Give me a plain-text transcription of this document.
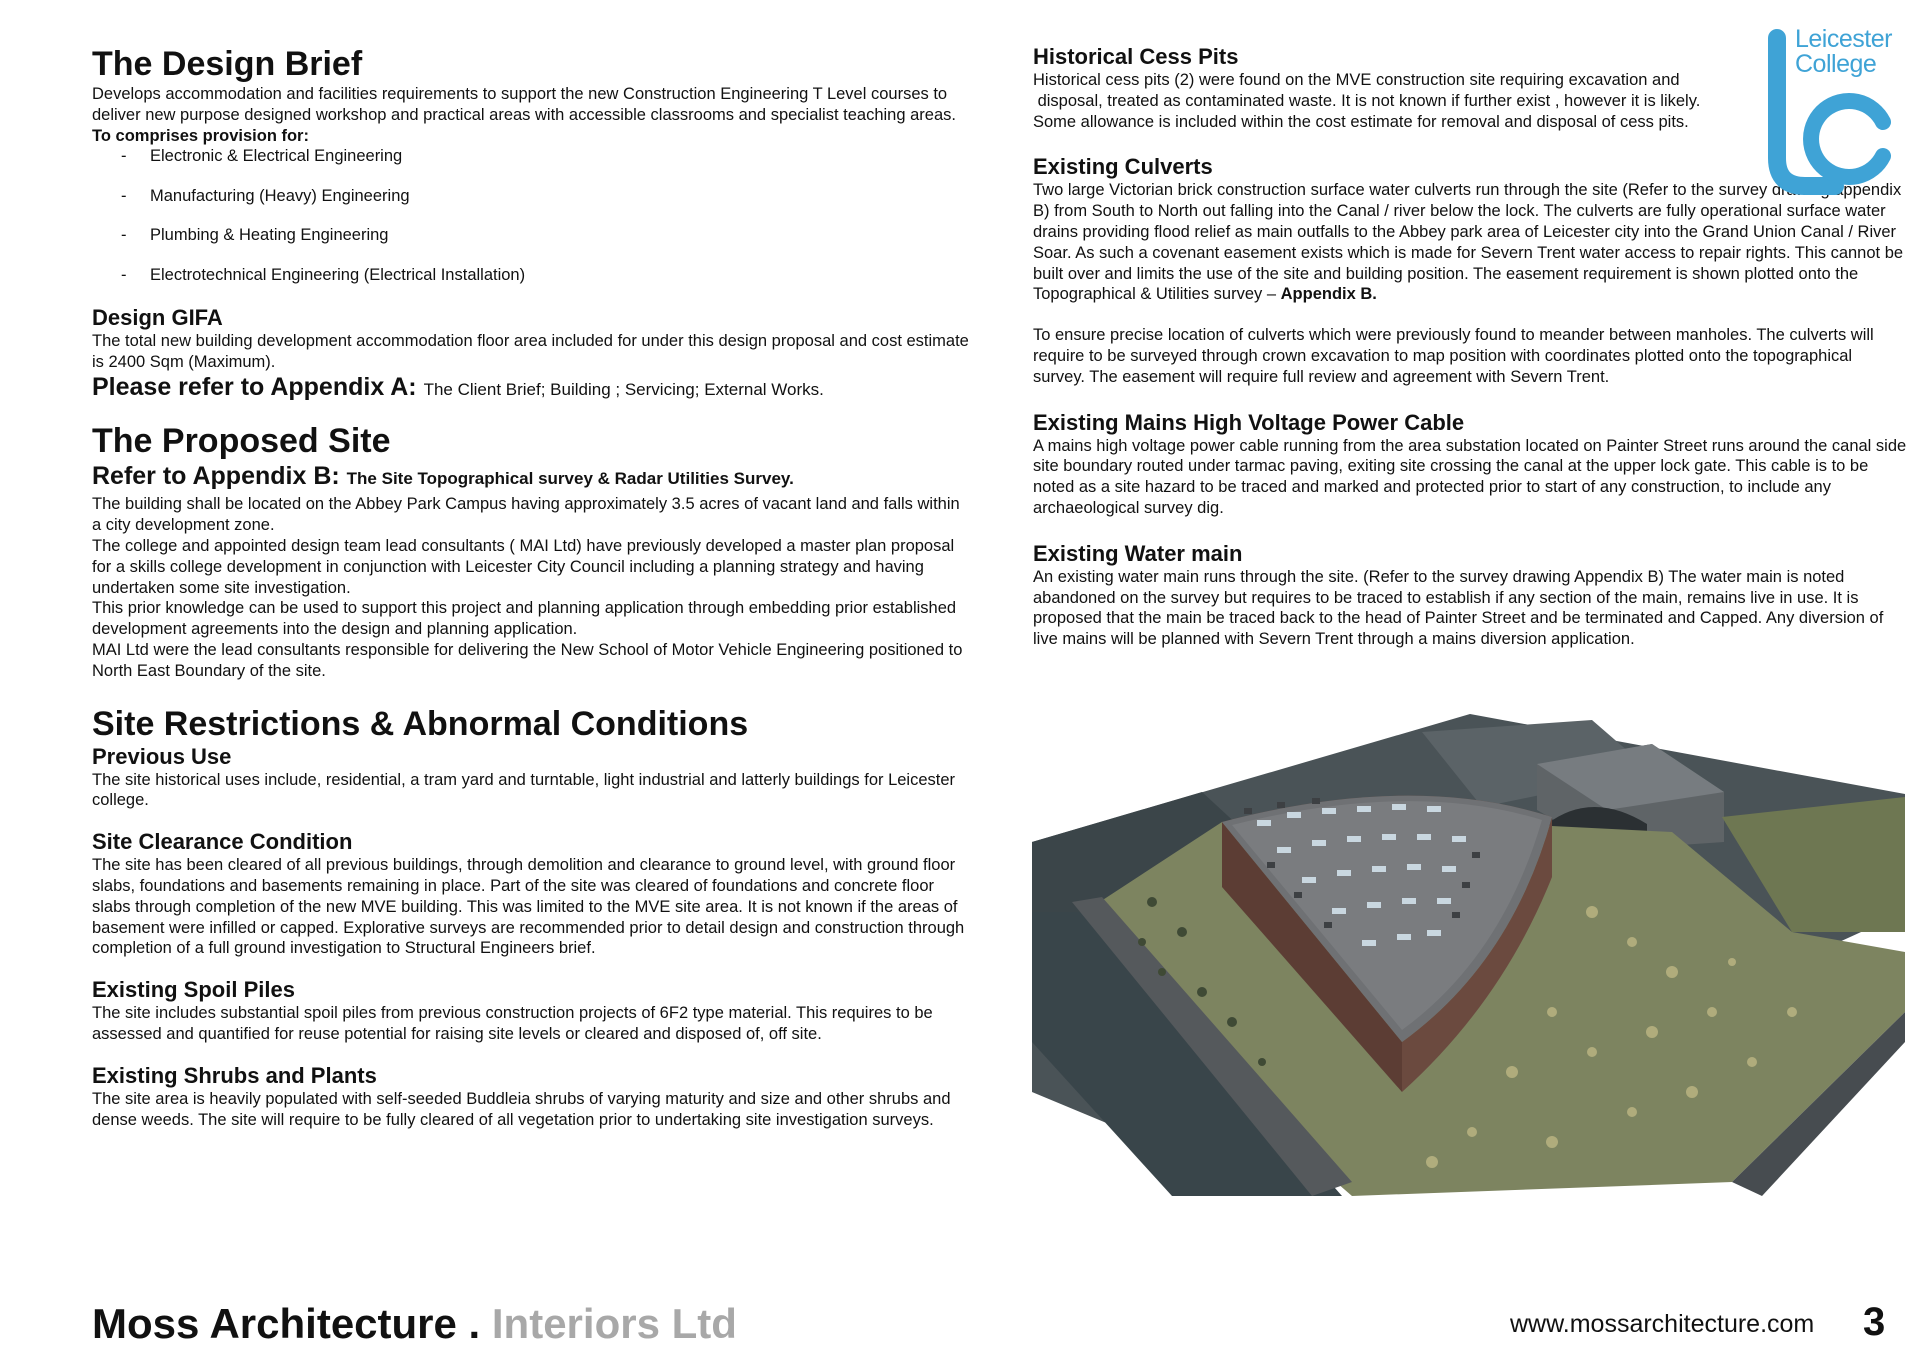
The Design Brief

Develops accommodation and facilities requirements to support the new Construction Engineering T Level courses to deliver new purpose designed workshop and practical areas with accessible classrooms and specialist teaching areas.

To comprises provision for:

- Electronic & Electrical Engineering
- Manufacturing (Heavy) Engineering
- Plumbing & Heating Engineering
- Electrotechnical Engineering (Electrical Installation)
Design GIFA

The total new building development accommodation floor area included for under this design proposal and cost estimate is 2400 Sqm (Maximum).

Please refer to Appendix A: The Client Brief; Building ; Servicing; External Works.
The Proposed Site
Refer to Appendix B: The Site Topographical survey & Radar Utilities Survey.

The building shall be located on the Abbey Park Campus having approximately 3.5 acres of vacant land and falls within a city development zone.

The college and appointed design team lead consultants ( MAI Ltd) have previously developed a master plan proposal for a skills college development in conjunction with Leicester City Council including a planning strategy and having undertaken some site investigation.

This prior knowledge can be used to support this project and planning application through embedding prior established development agreements into the design and planning application.

MAI Ltd were the lead consultants responsible for delivering the New School of Motor Vehicle Engineering positioned to North East Boundary of the site.

Site Restrictions & Abnormal Conditions
Previous Use

The site historical uses include, residential, a tram yard and turntable, light industrial and latterly buildings for Leicester college.

Site Clearance Condition

The site has been cleared of all previous buildings, through demolition and clearance to ground level, with ground floor slabs, foundations and basements remaining in place. Part of the site was cleared of foundations and concrete floor slabs through completion of the new MVE building. This was limited to the MVE site area. It is not known if the areas of basement were infilled or capped. Explorative surveys are recommended prior to detail design and construction through completion of a full ground investigation to Structural Engineers brief.

Existing Spoil Piles

The site includes substantial spoil piles from previous construction projects of 6F2 type material. This requires to be assessed and quantified for reuse potential for raising site levels or cleared and disposed of, off site.

Existing Shrubs and Plants

The site area is heavily populated with self-seeded Buddleia shrubs of varying maturity and size and other shrubs and dense weeds. The site will require to be fully cleared of all vegetation prior to undertaking site investigation surveys.

Historical Cess Pits

Historical cess pits (2) were found on the MVE construction site requiring excavation and

disposal, treated as contaminated waste. It is not known if further exist , however it is likely.

Some allowance is included within the cost estimate for removal and disposal of cess pits.

Existing Culverts

Two large Victorian brick construction surface water culverts run through the site (Refer to the survey drawing appendix B) from South to North out falling into the Canal / river below the lock. The culverts are fully operational surface water drains providing flood relief as main outfalls to the Abbey park area of Leicester city into the Grand Union Canal / River Soar. As such a covenant easement exists which is made for Severn Trent water access to repair rights. This cannot be built over and limits the use of the site and building position. The easement requirement is shown plotted onto the Topographical & Utilities survey – Appendix B.

To ensure precise location of culverts which were previously found to meander between manholes. The culverts will require to be surveyed through crown excavation to map position with coordinates plotted onto the topographical survey. The easement will require full review and agreement with Severn Trent.

Existing Mains High Voltage Power Cable

A mains high voltage power cable running from the area substation located on Painter Street runs around the canal side site boundary routed under tarmac paving, exiting site crossing the canal at the upper lock gate. This cable is to be noted as a site hazard to be traced and marked and protected prior to start of any construction, to include any archaeological survey dig.

Existing Water main

An existing water main runs through the site. (Refer to the survey drawing Appendix B) The water main is noted abandoned on the survey but requires to be traced to establish if any section of the main, remains live in use. It is proposed that the main be traced back to the head of Painter Street and be terminated and Capped. Any diversion of live mains will be planned with Severn Trent through a mains diversion application.

Leicester
College
Moss Architecture . Interiors Ltd	www.mossarchitecture.com 3
